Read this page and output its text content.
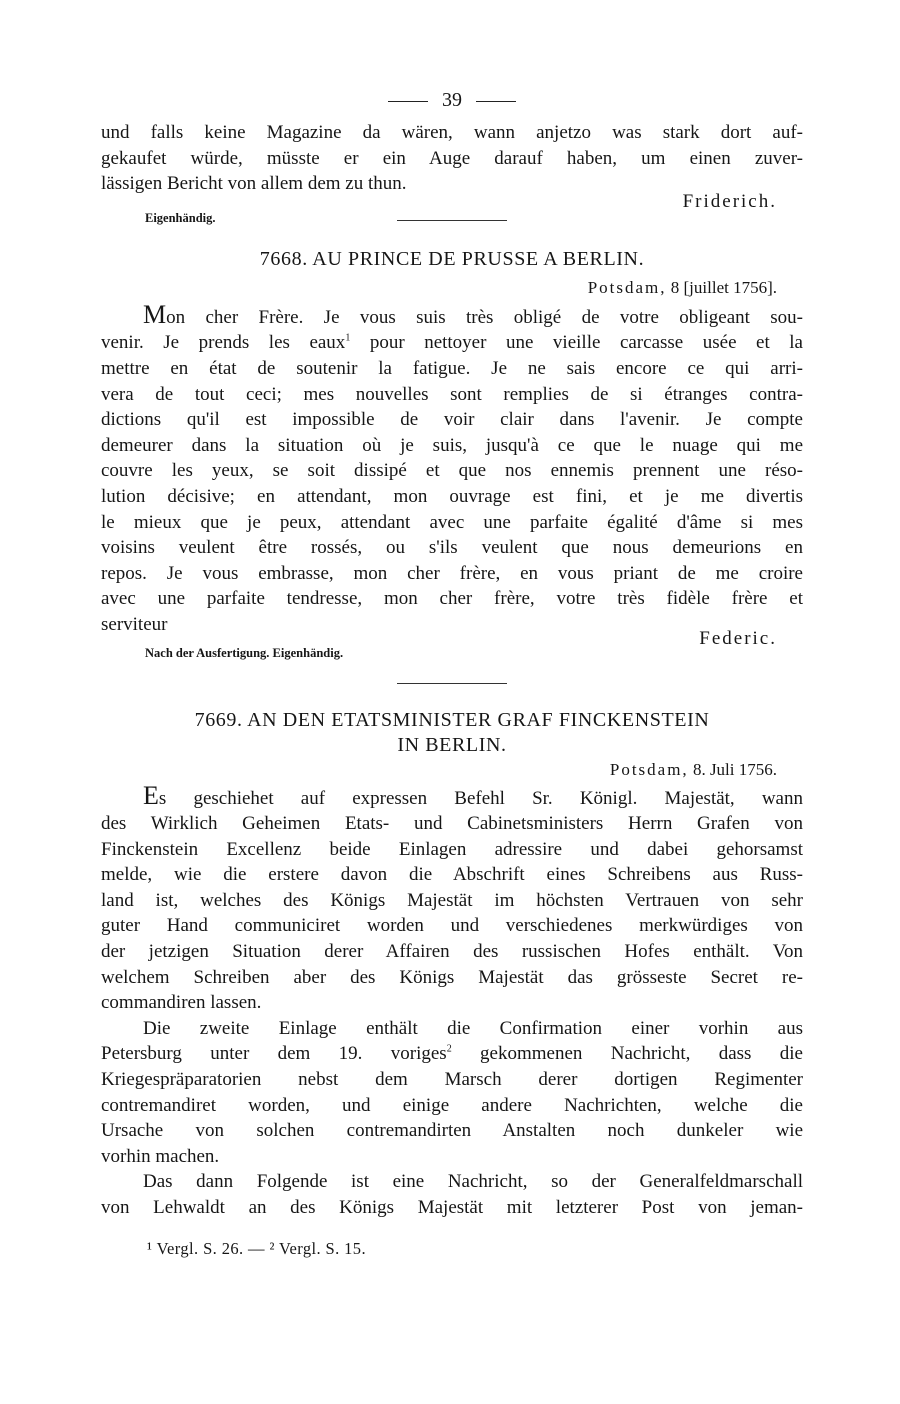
39
und falls keine Magazine da wären, wann anjetzo was stark dort auf-
gekaufet würde, müsste er ein Auge darauf haben, um einen zuver-
lässigen Bericht von allem dem zu thun.
Friderich.
Eigenhändig.
7668. AU PRINCE DE PRUSSE A BERLIN.
Potsdam, 8 [juillet 1756].
Mon cher Frère. Je vous suis très obligé de votre obligeant sou-
venir. Je prends les eaux$^1$ pour nettoyer une vieille carcasse usée et la
mettre en état de soutenir la fatigue. Je ne sais encore ce qui arri-
vera de tout ceci; mes nouvelles sont remplies de si étranges contra-
dictions qu'il est impossible de voir clair dans l'avenir. Je compte
demeurer dans la situation où je suis, jusqu'à ce que le nuage qui me
couvre les yeux, se soit dissipé et que nos ennemis prennent une réso-
lution décisive; en attendant, mon ouvrage est fini, et je me divertis
le mieux que je peux, attendant avec une parfaite égalité d'âme si mes
voisins veulent être rossés, ou s'ils veulent que nous demeurions en
repos. Je vous embrasse, mon cher frère, en vous priant de me croire
avec une parfaite tendresse, mon cher frère, votre très fidèle frère et
serviteur
Federic.
Nach der Ausfertigung. Eigenhändig.
7669. AN DEN ETATSMINISTER GRAF FINCKENSTEIN
IN BERLIN.
Potsdam, 8. Juli 1756.
Es geschiehet auf expressen Befehl Sr. Königl. Majestät, wann
des Wirklich Geheimen Etats- und Cabinetsministers Herrn Grafen von
Finckenstein Excellenz beide Einlagen adressire und dabei gehorsamst
melde, wie die erstere davon die Abschrift eines Schreibens aus Russ-
land ist, welches des Königs Majestät im höchsten Vertrauen von sehr
guter Hand communiciret worden und verschiedenes merkwürdiges von
der jetzigen Situation derer Affairen des russischen Hofes enthält. Von
welchem Schreiben aber des Königs Majestät das grösseste Secret re-
commandiren lassen.
Die zweite Einlage enthält die Confirmation einer vorhin aus
Petersburg unter dem 19. voriges$^2$ gekommenen Nachricht, dass die
Kriegespräparatorien nebst dem Marsch derer dortigen Regimenter
contremandiret worden, und einige andere Nachrichten, welche die
Ursache von solchen contremandirten Anstalten noch dunkeler wie
vorhin machen.
Das dann Folgende ist eine Nachricht, so der Generalfeldmarschall
von Lehwaldt an des Königs Majestät mit letzterer Post von jeman-
¹ Vergl. S. 26. — ² Vergl. S. 15.
